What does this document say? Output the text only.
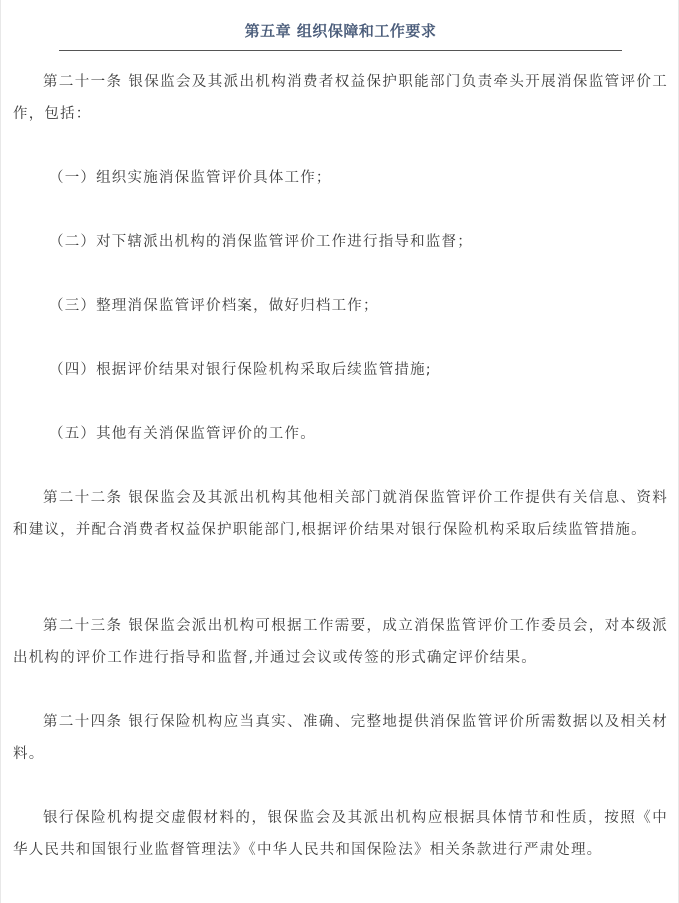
第五章 组织保障和工作要求

第二十一条 银保监会及其派出机构消费者权益保护职能部门负责牵头开展消保监管评价工作，包括：

（一）组织实施消保监管评价具体工作；

（二）对下辖派出机构的消保监管评价工作进行指导和监督；

（三）整理消保监管评价档案，做好归档工作；

（四）根据评价结果对银行保险机构采取后续监管措施;

（五）其他有关消保监管评价的工作。

第二十二条 银保监会及其派出机构其他相关部门就消保监管评价工作提供有关信息、资料和建议，并配合消费者权益保护职能部门,根据评价结果对银行保险机构采取后续监管措施。

第二十三条 银保监会派出机构可根据工作需要，成立消保监管评价工作委员会，对本级派出机构的评价工作进行指导和监督,并通过会议或传签的形式确定评价结果。

第二十四条 银行保险机构应当真实、准确、完整地提供消保监管评价所需数据以及相关材料。

银行保险机构提交虚假材料的，银保监会及其派出机构应根据具体情节和性质，按照《中华人民共和国银行业监督管理法》《中华人民共和国保险法》相关条款进行严肃处理。
